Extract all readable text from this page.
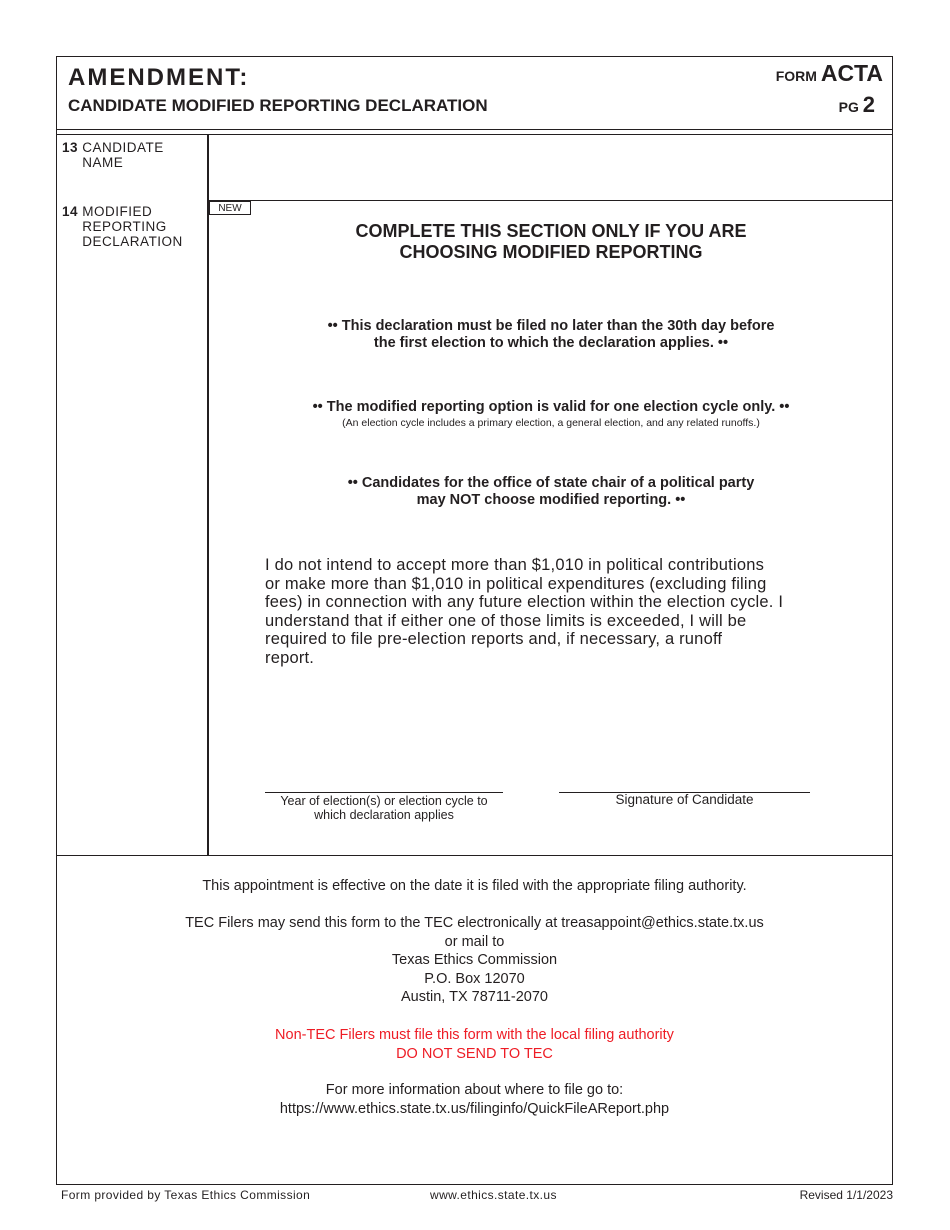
AMENDMENT:
CANDIDATE MODIFIED REPORTING DECLARATION
FORM ACTA
PG 2
13 CANDIDATE NAME
14 MODIFIED REPORTING DECLARATION
NEW
COMPLETE THIS SECTION ONLY IF YOU ARE
CHOOSING MODIFIED REPORTING
•• This declaration must be filed no later than the 30th day before
the first election to which the declaration applies. ••
•• The modified reporting option is valid for one election cycle only. ••
(An election cycle includes a primary election, a general election, and any related runoffs.)
•• Candidates for the office of state chair of a political party
may NOT choose modified reporting. ••
I do not intend to accept more than $1,010 in political contributions
or make more than $1,010 in political expenditures (excluding filing
fees) in connection with any future election within the election cycle. I
understand that if either one of those limits is exceeded, I will be
required to file pre-election reports and, if necessary, a runoff
report.
Year of election(s) or election cycle to
which declaration applies
Signature of Candidate
This appointment is effective on the date it is filed with the appropriate filing authority.
TEC Filers may send this form to the TEC electronically at treasappoint@ethics.state.tx.us
or mail to
Texas Ethics Commission
P.O. Box 12070
Austin, TX 78711-2070
Non-TEC Filers must file this form with the local filing authority
DO NOT SEND TO TEC
For more information about where to file go to:
https://www.ethics.state.tx.us/filinginfo/QuickFileAReport.php
Form provided by Texas Ethics Commission	www.ethics.state.tx.us	Revised 1/1/2023
